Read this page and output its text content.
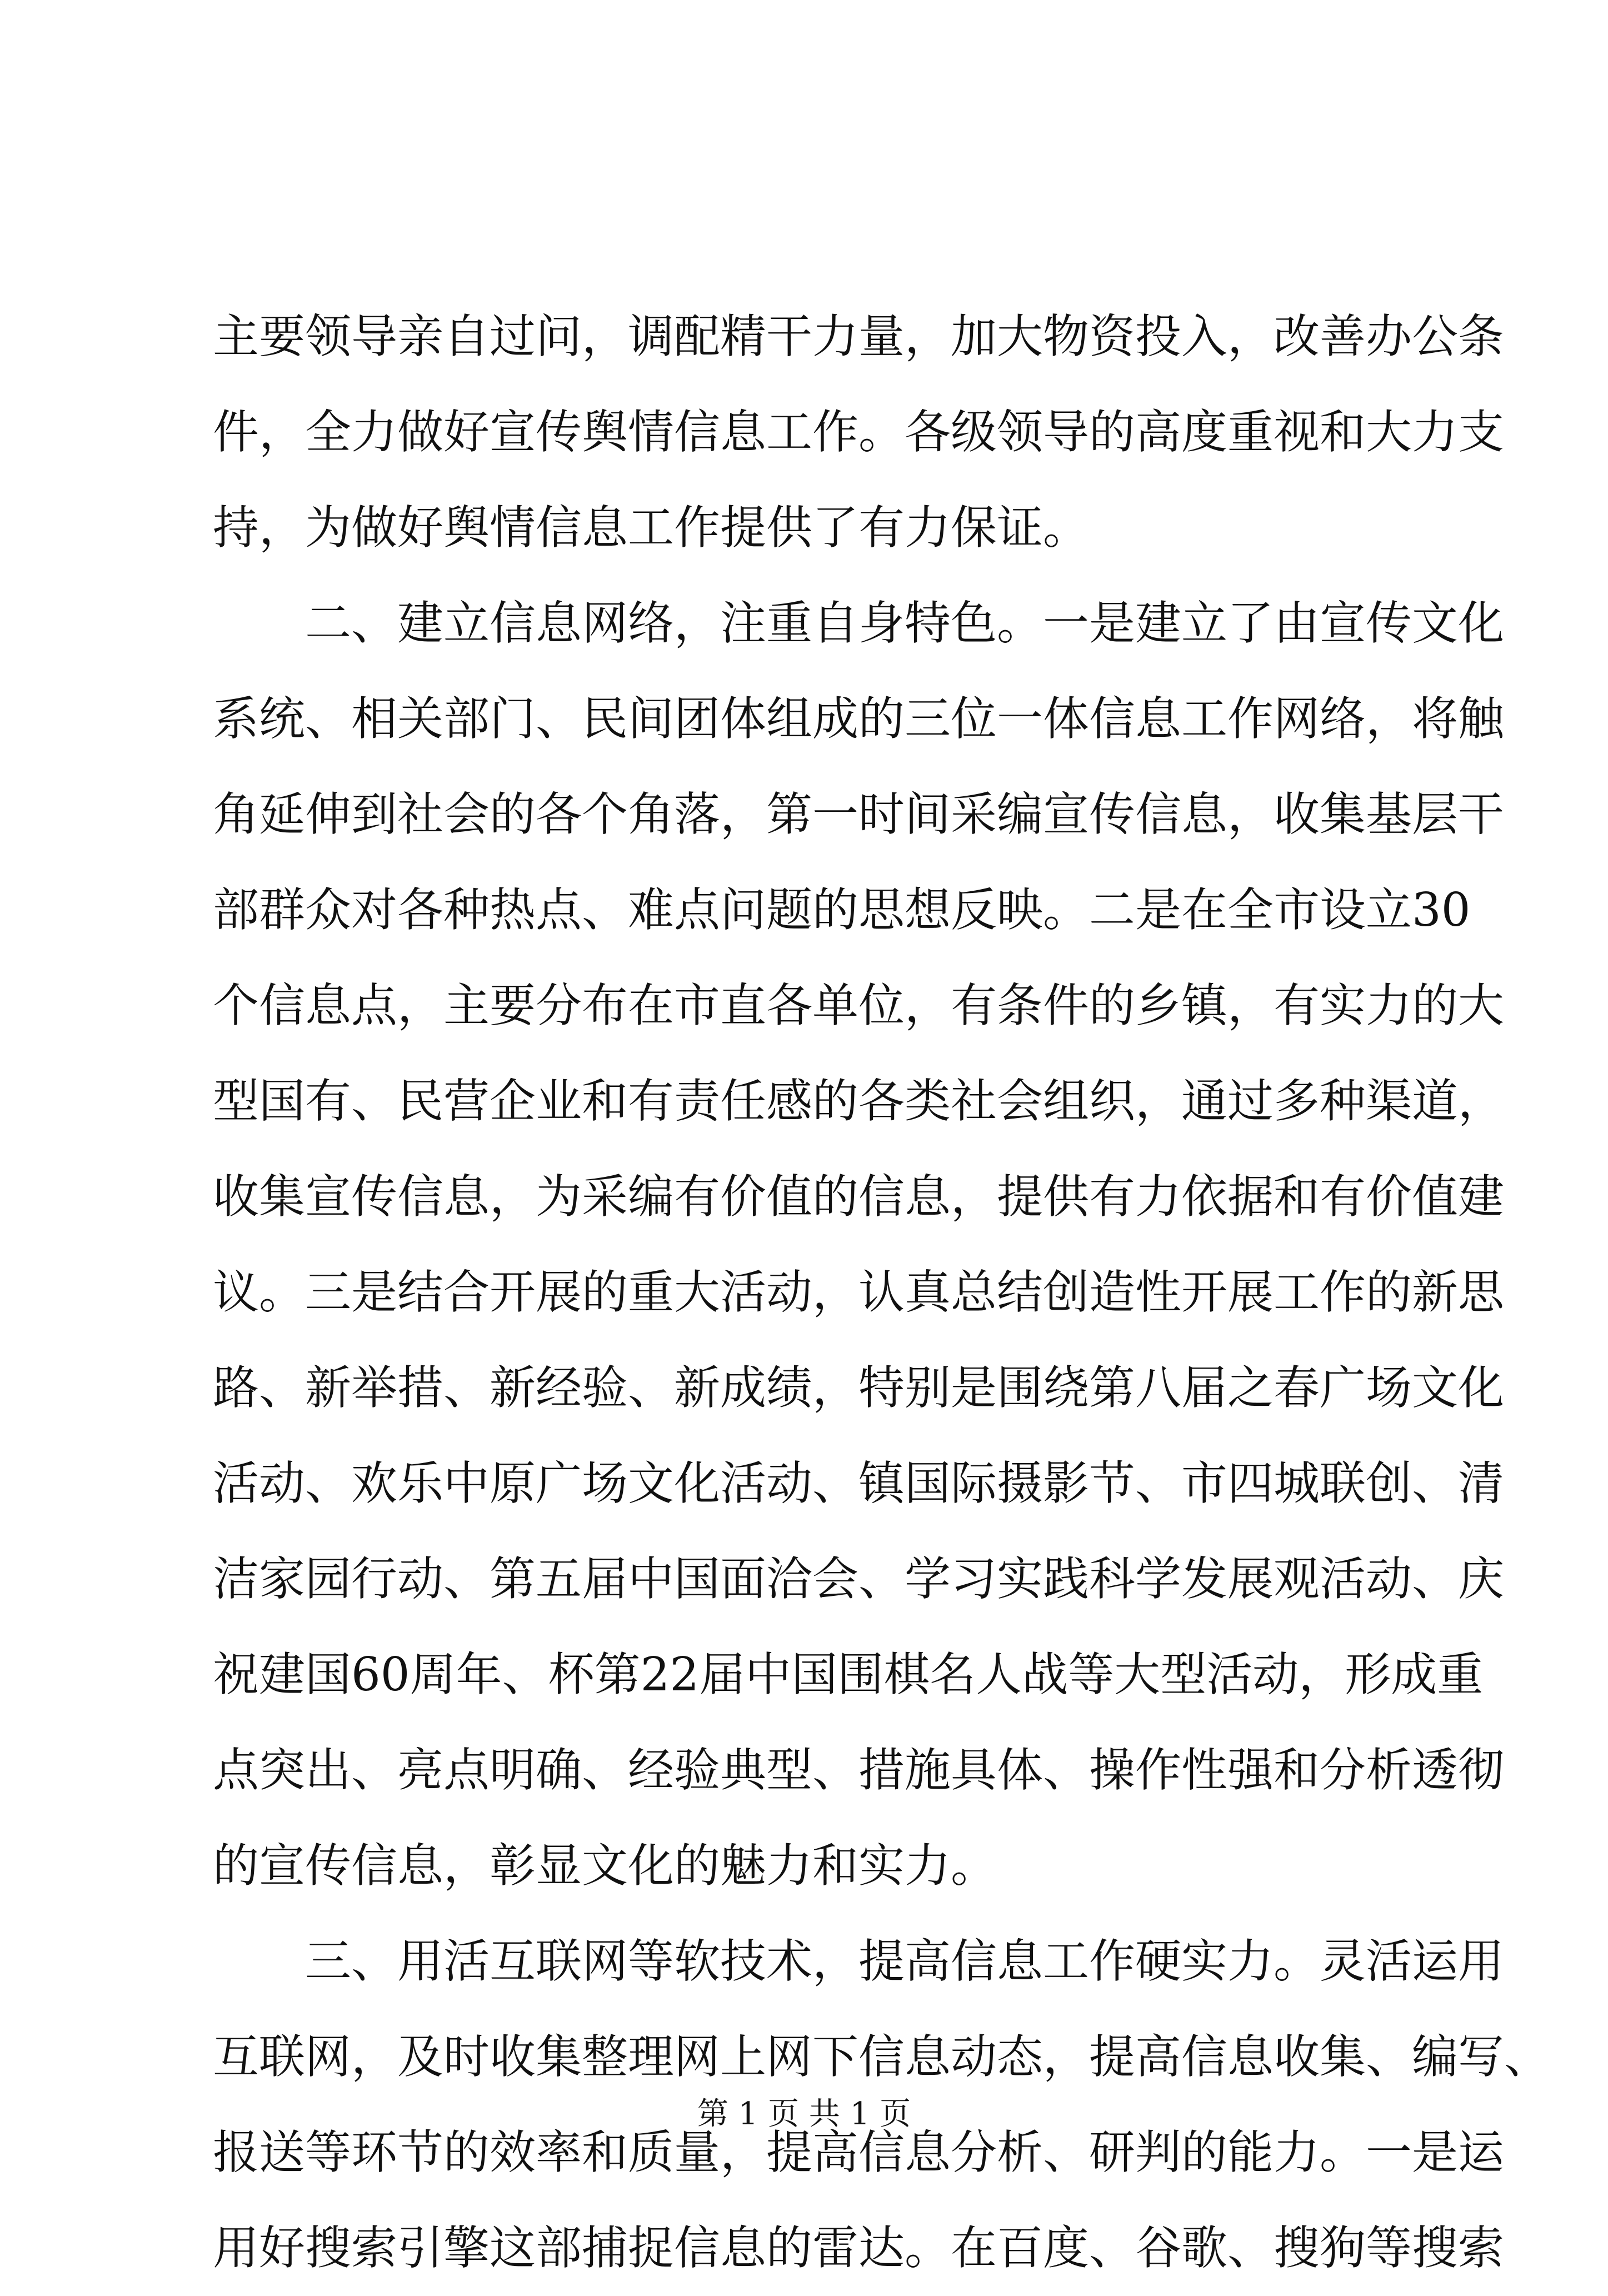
主要领导亲自过问，调配精干力量，加大物资投入，改善办公条
件，全力做好宣传舆情信息工作。各级领导的高度重视和大力支
持，为做好舆情信息工作提供了有力保证。
二、建立信息网络，注重自身特色。一是建立了由宣传文化
系统、相关部门、民间团体组成的三位一体信息工作网络，将触
角延伸到社会的各个角落，第一时间采编宣传信息，收集基层干
部群众对各种热点、难点问题的思想反映。二是在全市设立30
个信息点，主要分布在市直各单位，有条件的乡镇，有实力的大
型国有、民营企业和有责任感的各类社会组织，通过多种渠道，
收集宣传信息，为采编有价值的信息，提供有力依据和有价值建
议。三是结合开展的重大活动，认真总结创造性开展工作的新思
路、新举措、新经验、新成绩，特别是围绕第八届之春广场文化
活动、欢乐中原广场文化活动、镇国际摄影节、市四城联创、清
洁家园行动、第五届中国面洽会、学习实践科学发展观活动、庆
祝建国60周年、杯第22届中国围棋名人战等大型活动，形成重
点突出、亮点明确、经验典型、措施具体、操作性强和分析透彻
的宣传信息，彰显文化的魅力和实力。
三、用活互联网等软技术，提高信息工作硬实力。灵活运用
互联网，及时收集整理网上网下信息动态，提高信息收集、编写、
报送等环节的效率和质量，提高信息分析、研判的能力。一是运
用好搜索引擎这部捕捉信息的雷达。在百度、谷歌、搜狗等搜索
第 1 页 共 1 页
